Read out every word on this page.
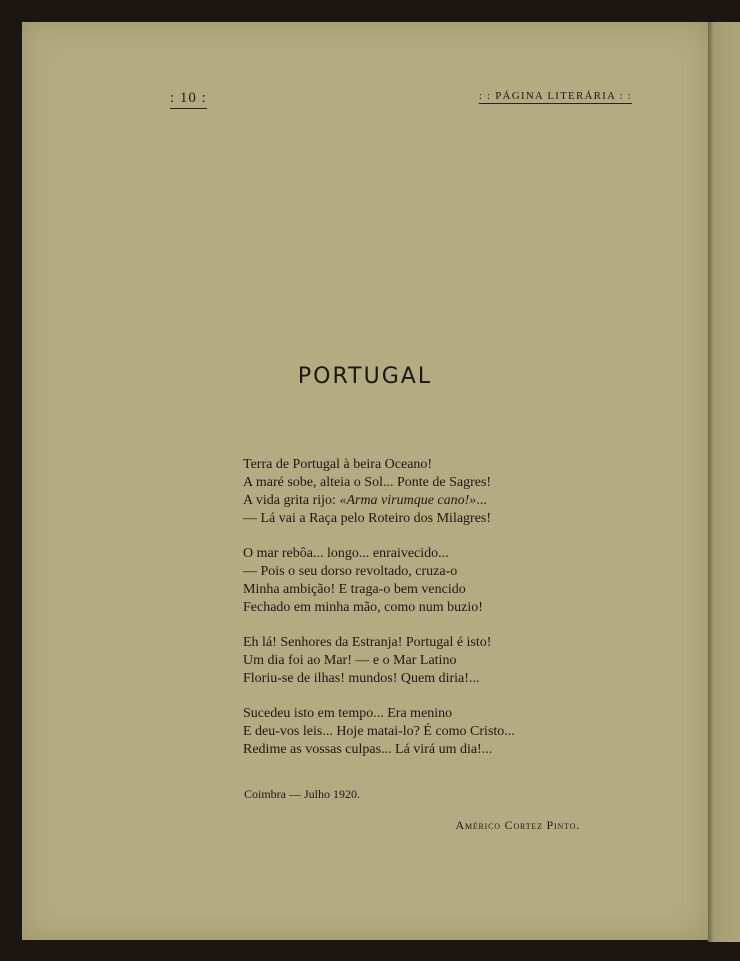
: 10 :	: : PÁGINA LITERÁRIA : :
PORTUGAL
Terra de Portugal à beira Oceano!
A maré sobe, alteia o Sol... Ponte de Sagres!
A vida grita rijo: «Arma virumque cano!»...
— Lá vai a Raça pelo Roteiro dos Milagres!
O mar rebôa... longo... enraivecido...
— Pois o seu dorso revoltado, cruza-o
Minha ambição! E traga-o bem vencido
Fechado em minha mão, como num buzio!
Eh lá! Senhores da Estranja! Portugal é isto!
Um dia foi ao Mar! — e o Mar Latino
Floriu-se de ilhas! mundos! Quem diria!...
Sucedeu isto em tempo... Era menino
E deu-vos leis... Hoje matai-lo? É como Cristo...
Redime as vossas culpas... Lá virá um dia!...
Coimbra — Julho 1920.
Américo Cortez Pinto.
